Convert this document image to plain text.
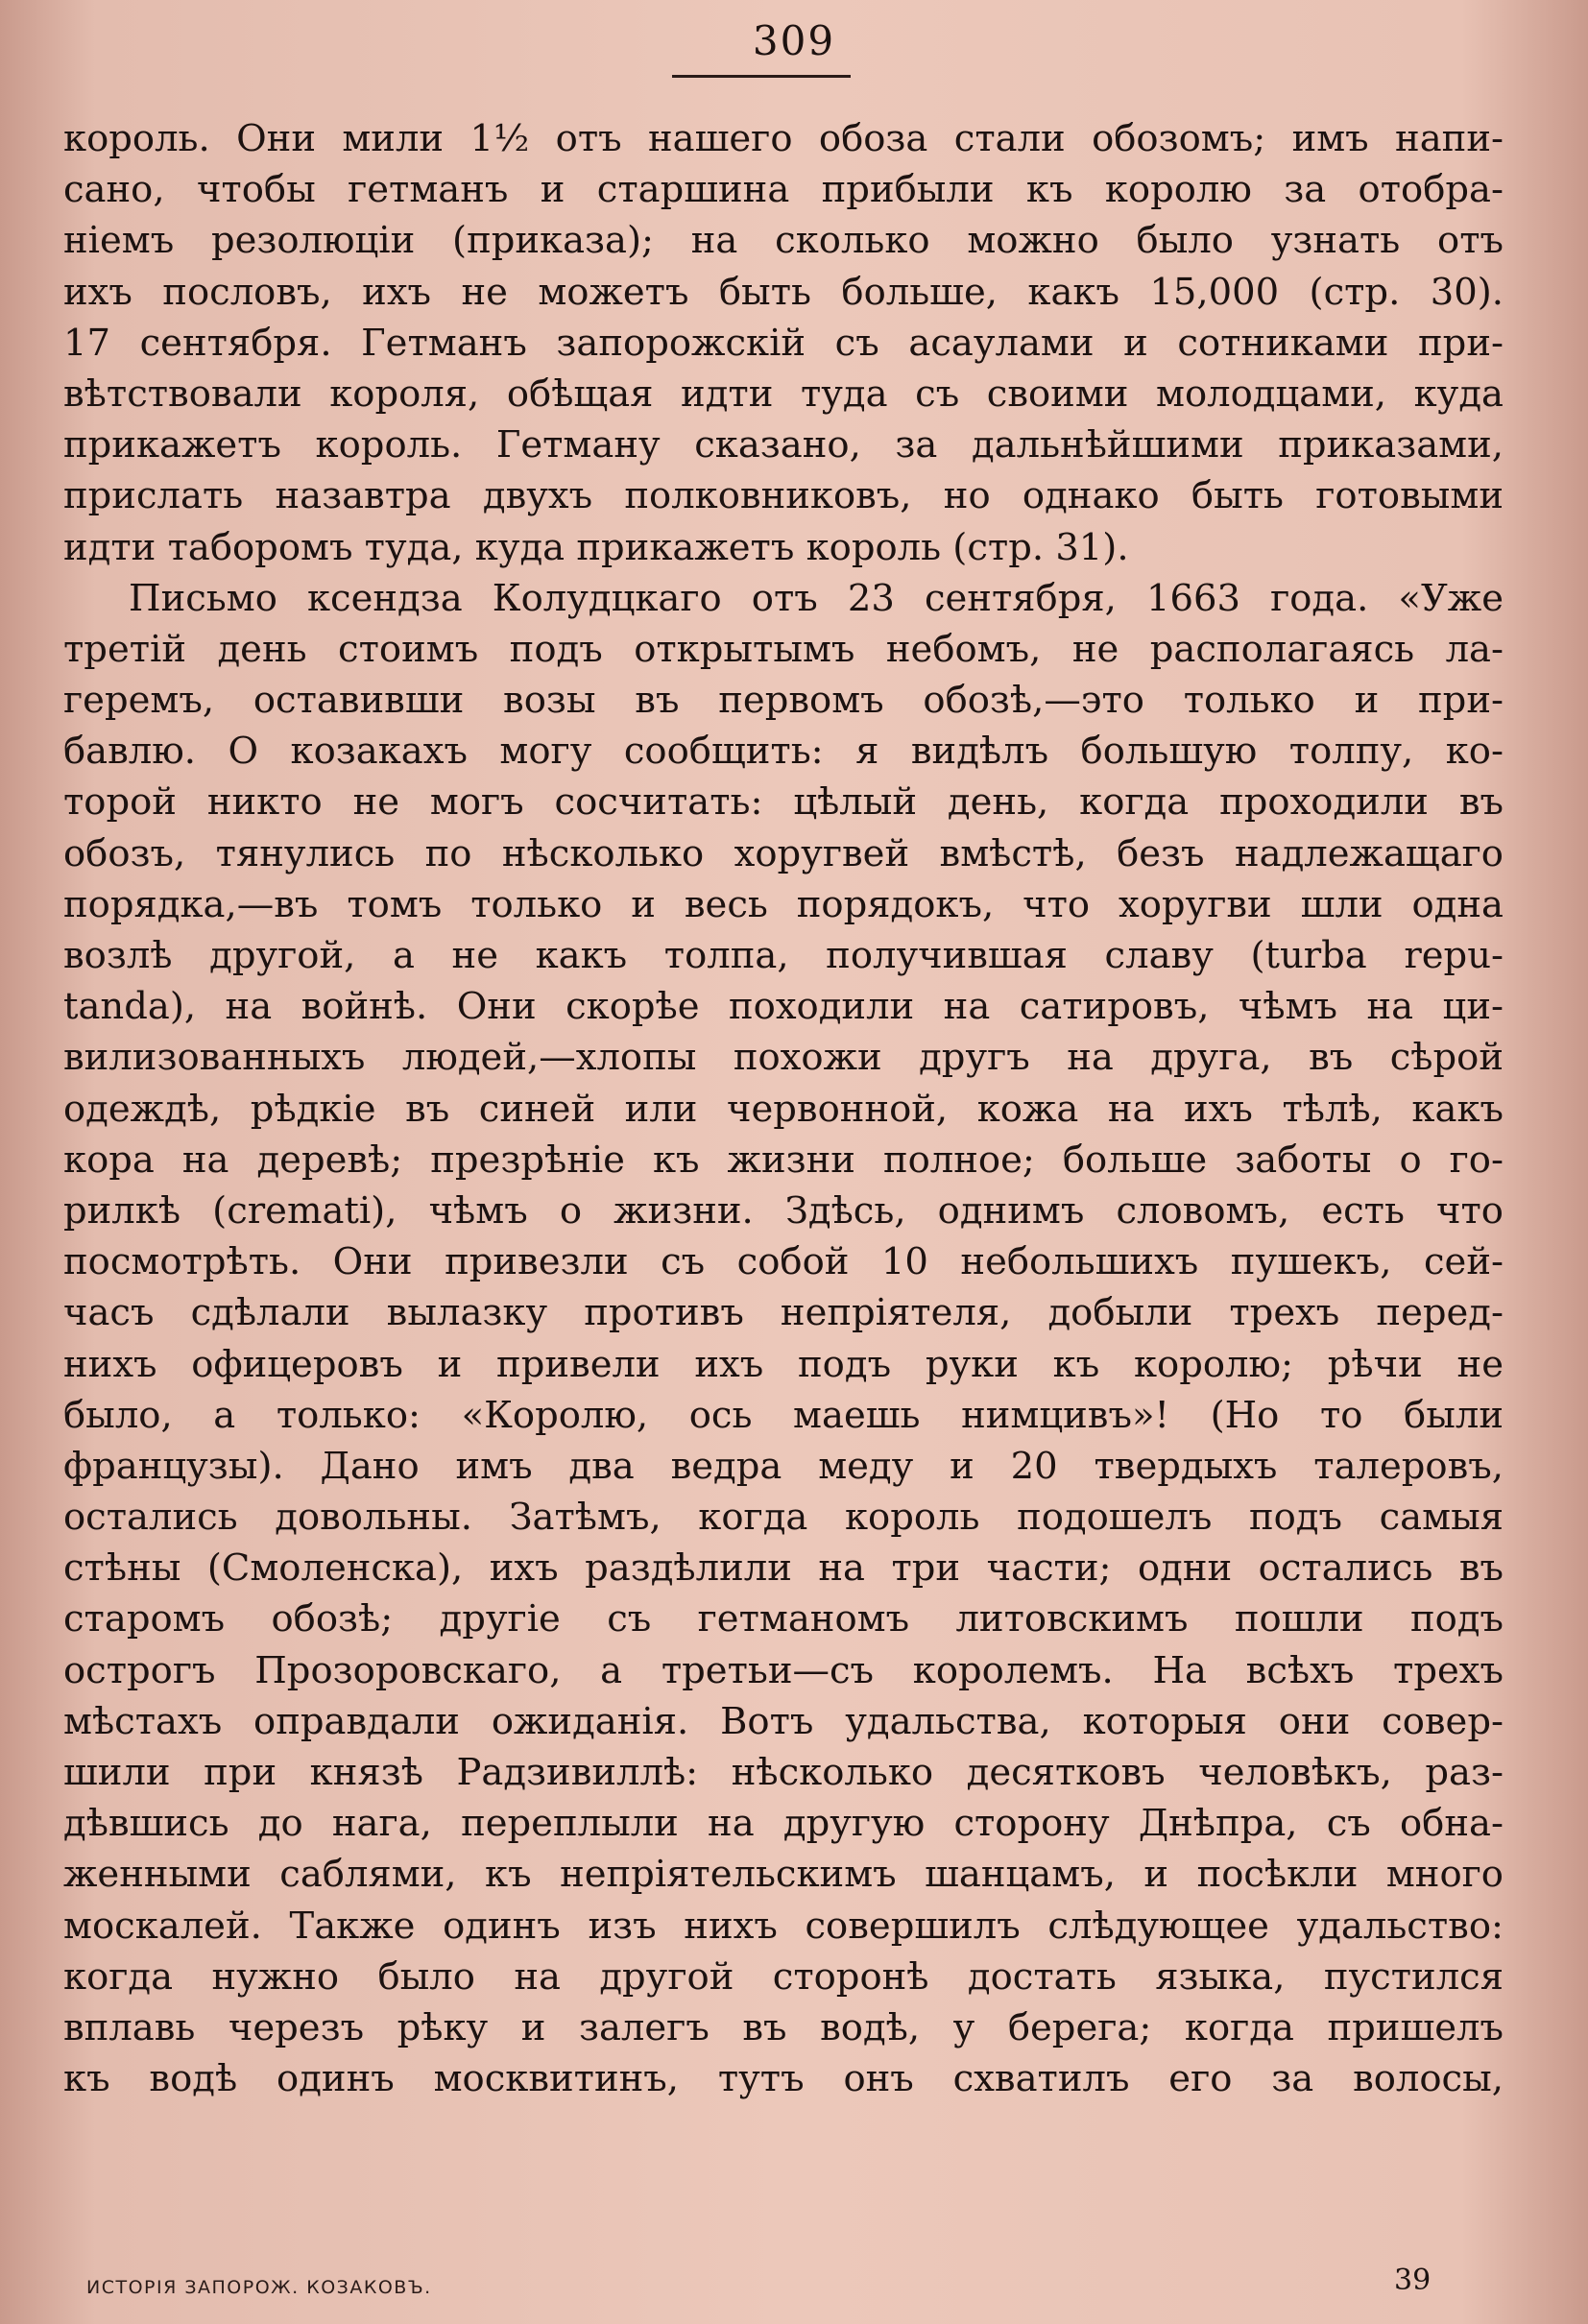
309
король. Они мили 1½ отъ нашего обоза стали обозомъ; имъ напи-
сано, чтобы гетманъ и старшина прибыли къ королю за отобра-
ніемъ резолюціи (приказа); на сколько можно было узнать отъ
ихъ пословъ, ихъ не можетъ быть больше, какъ 15,000 (стр. 30).
17 сентября. Гетманъ запорожскій съ асаулами и сотниками при-
вѣтствовали короля, обѣщая идти туда съ своими молодцами, куда
прикажетъ король. Гетману сказано, за дальнѣйшими приказами,
прислать назавтра двухъ полковниковъ, но однако быть готовыми
идти таборомъ туда, куда прикажетъ король (стр. 31).
Письмо ксендза Колудцкаго отъ 23 сентября, 1663 года. «Уже
третій день стоимъ подъ открытымъ небомъ, не располагаясь ла-
геремъ, оставивши возы въ первомъ обозѣ,—это только и при-
бавлю. О козакахъ могу сообщить: я видѣлъ большую толпу, ко-
торой никто не могъ сосчитать: цѣлый день, когда проходили въ
обозъ, тянулись по нѣсколько хоругвей вмѣстѣ, безъ надлежащаго
порядка,—въ томъ только и весь порядокъ, что хоругви шли одна
возлѣ другой, а не какъ толпа, получившая славу (turba repu-
tanda), на войнѣ. Они скорѣе походили на сатировъ, чѣмъ на ци-
вилизованныхъ людей,—хлопы похожи другъ на друга, въ сѣрой
одеждѣ, рѣдкіе въ синей или червонной, кожа на ихъ тѣлѣ, какъ
кора на деревѣ; презрѣніе къ жизни полное; больше заботы о го-
рилкѣ (cremati), чѣмъ о жизни. Здѣсь, однимъ словомъ, есть что
посмотрѣть. Они привезли съ собой 10 небольшихъ пушекъ, сей-
часъ сдѣлали вылазку противъ непріятеля, добыли трехъ перед-
нихъ офицеровъ и привели ихъ подъ руки къ королю; рѣчи не
было, а только: «Королю, ось маешь нимцивъ»! (Но то были
французы). Дано имъ два ведра меду и 20 твердыхъ талеровъ,
остались довольны. Затѣмъ, когда король подошелъ подъ самыя
стѣны (Смоленска), ихъ раздѣлили на три части; одни остались въ
старомъ обозѣ; другіе съ гетманомъ литовскимъ пошли подъ
острогъ Прозоровскаго, а третьи—съ королемъ. На всѣхъ трехъ
мѣстахъ оправдали ожиданія. Вотъ удальства, которыя они совер-
шили при князѣ Радзивиллѣ: нѣсколько десятковъ человѣкъ, раз-
дѣвшись до нага, переплыли на другую сторону Днѣпра, съ обна-
женными саблями, къ непріятельскимъ шанцамъ, и посѣкли много
москалей. Также одинъ изъ нихъ совершилъ слѣдующее удальство:
когда нужно было на другой сторонѣ достать языка, пустился
вплавь черезъ рѣку и залегъ въ водѣ, у берега; когда пришелъ
къ водѣ одинъ москвитинъ, тутъ онъ схватилъ его за волосы,
ИСТОРІЯ ЗАПОРОЖ. КОЗАКОВЪ.	39
